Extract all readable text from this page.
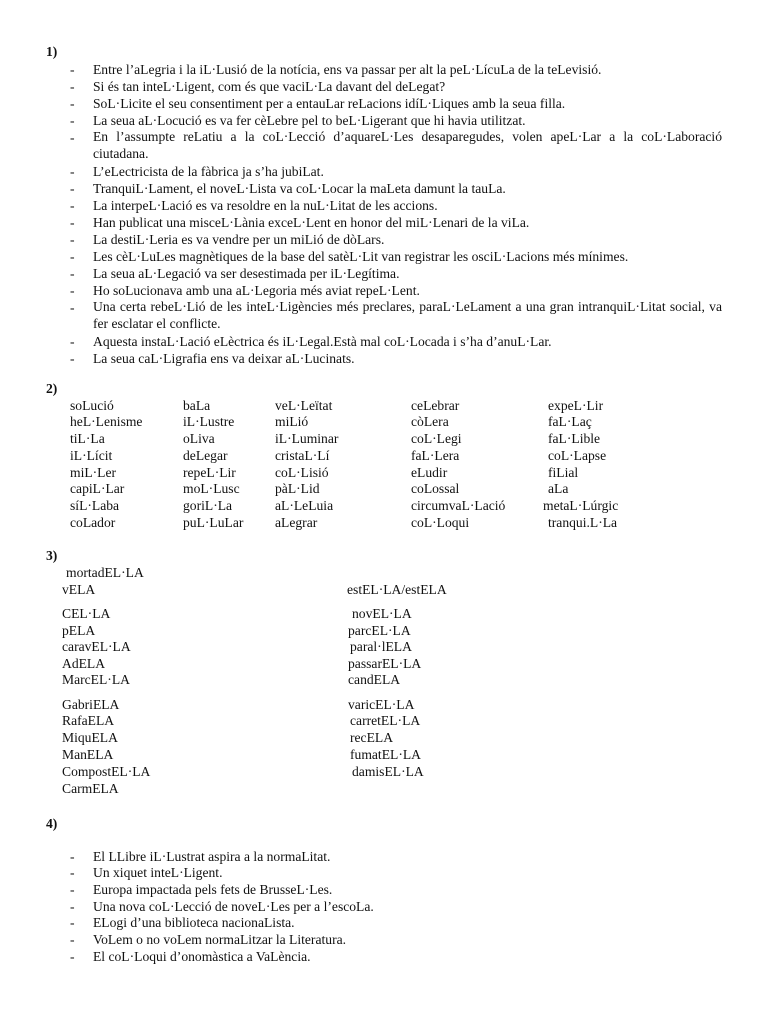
1)
- Entre l’aLegria i la iL·Lusió de la notícia, ens va passar per alt la peL·LícuLa de la teLevisió.
- Si és tan inteL·Ligent, com és que vaciL·La davant del deLegat?
- SoL·Licite el seu consentiment per a entauLar reLacions idíL·Liques amb la seua filla.
- La seua aL·Locució es va fer cèLebre pel to beL·Ligerant que hi havia utilitzat.
- En l’assumpte reLatiu a la coL·Lecció d’aquareL·Les desaparegudes, volen apeL·Lar a la coL·Laboració ciutadana.
- L’eLectricista de la fàbrica ja s’ha jubiLat.
- TranquiL·Lament, el noveL·Lista va coL·Locar la maLeta damunt la tauLa.
- La interpeL·Lació es va resoldre en la nuL·Litat de les accions.
- Han publicat una misceL·Lània exceL·Lent en honor del miL·Lenari de la viLa.
- La destiL·Leria es va vendre per un miLió de dòLars.
- Les cèL·LuLes magnètiques de la base del satèL·Lit van registrar les osciL·Lacions més mínimes.
- La seua aL·Legació va ser desestimada per iL·Legítima.
- Ho soLucionava amb una aL·Legoria més aviat repeL·Lent.
- Una certa rebeL·Lió de les inteL·Ligències més preclares, paraL·LeLament a una gran intranquiL·Litat social, va fer esclatar el conflicte.
- Aquesta instaL·Lació eLèctrica és iL·Legal.Està mal coL·Locada i s’ha d’anuL·Lar.
- La seua caL·Ligrafia ens va deixar aL·Lucinats.
2)
soLució
heL·Lenisme
tiL·La
iL·Lícit
miL·Ler
capiL·Lar
síL·Laba
coLador
baLa
iL·Lustre
oLiva
deLegar
repeL·Lir
moL·Lusc
goriL·La
puL·LuLar
veL·Leïtat
miLió
iL·Luminar
cristaL·Lí
coL·Lisió
pàL·Lid
aL·LeLuia
aLegrar
ceLebrar
còLera
coL·Legi
faL·Lera
eLudir
coLossal
circumvaL·Lació
coL·Loqui
expeL·Lir
faL·Laç
faL·Lible
coL·Lapse
fiLial
aLa
metaL·Lúrgic
tranqui.L·La
3)
mortadEL·LA
vELA
CEL·LA
pELA
caravEL·LA
AdELA
MarcEL·LA
GabriELA
RafaELA
MiquELA
ManELA
CompostEL·LA
CarmELA
estEL·LA/estELA
novEL·LA
parcEL·LA
paral·lELA
passarEL·LA
candELA
varicEL·LA
carretEL·LA
recELA
fumatEL·LA
damisEL·LA
4)
- El LLibre iL·Lustrat aspira a la normaLitat.
- Un xiquet inteL·Ligent.
- Europa impactada pels fets de BrusseL·Les.
- Una nova coL·Lecció de noveL·Les per a l’escoLa.
- ELogi d’una biblioteca nacionaLista.
- VoLem o no voLem normaLitzar la Literatura.
- El coL·Loqui d’onomàstica a VaLència.
